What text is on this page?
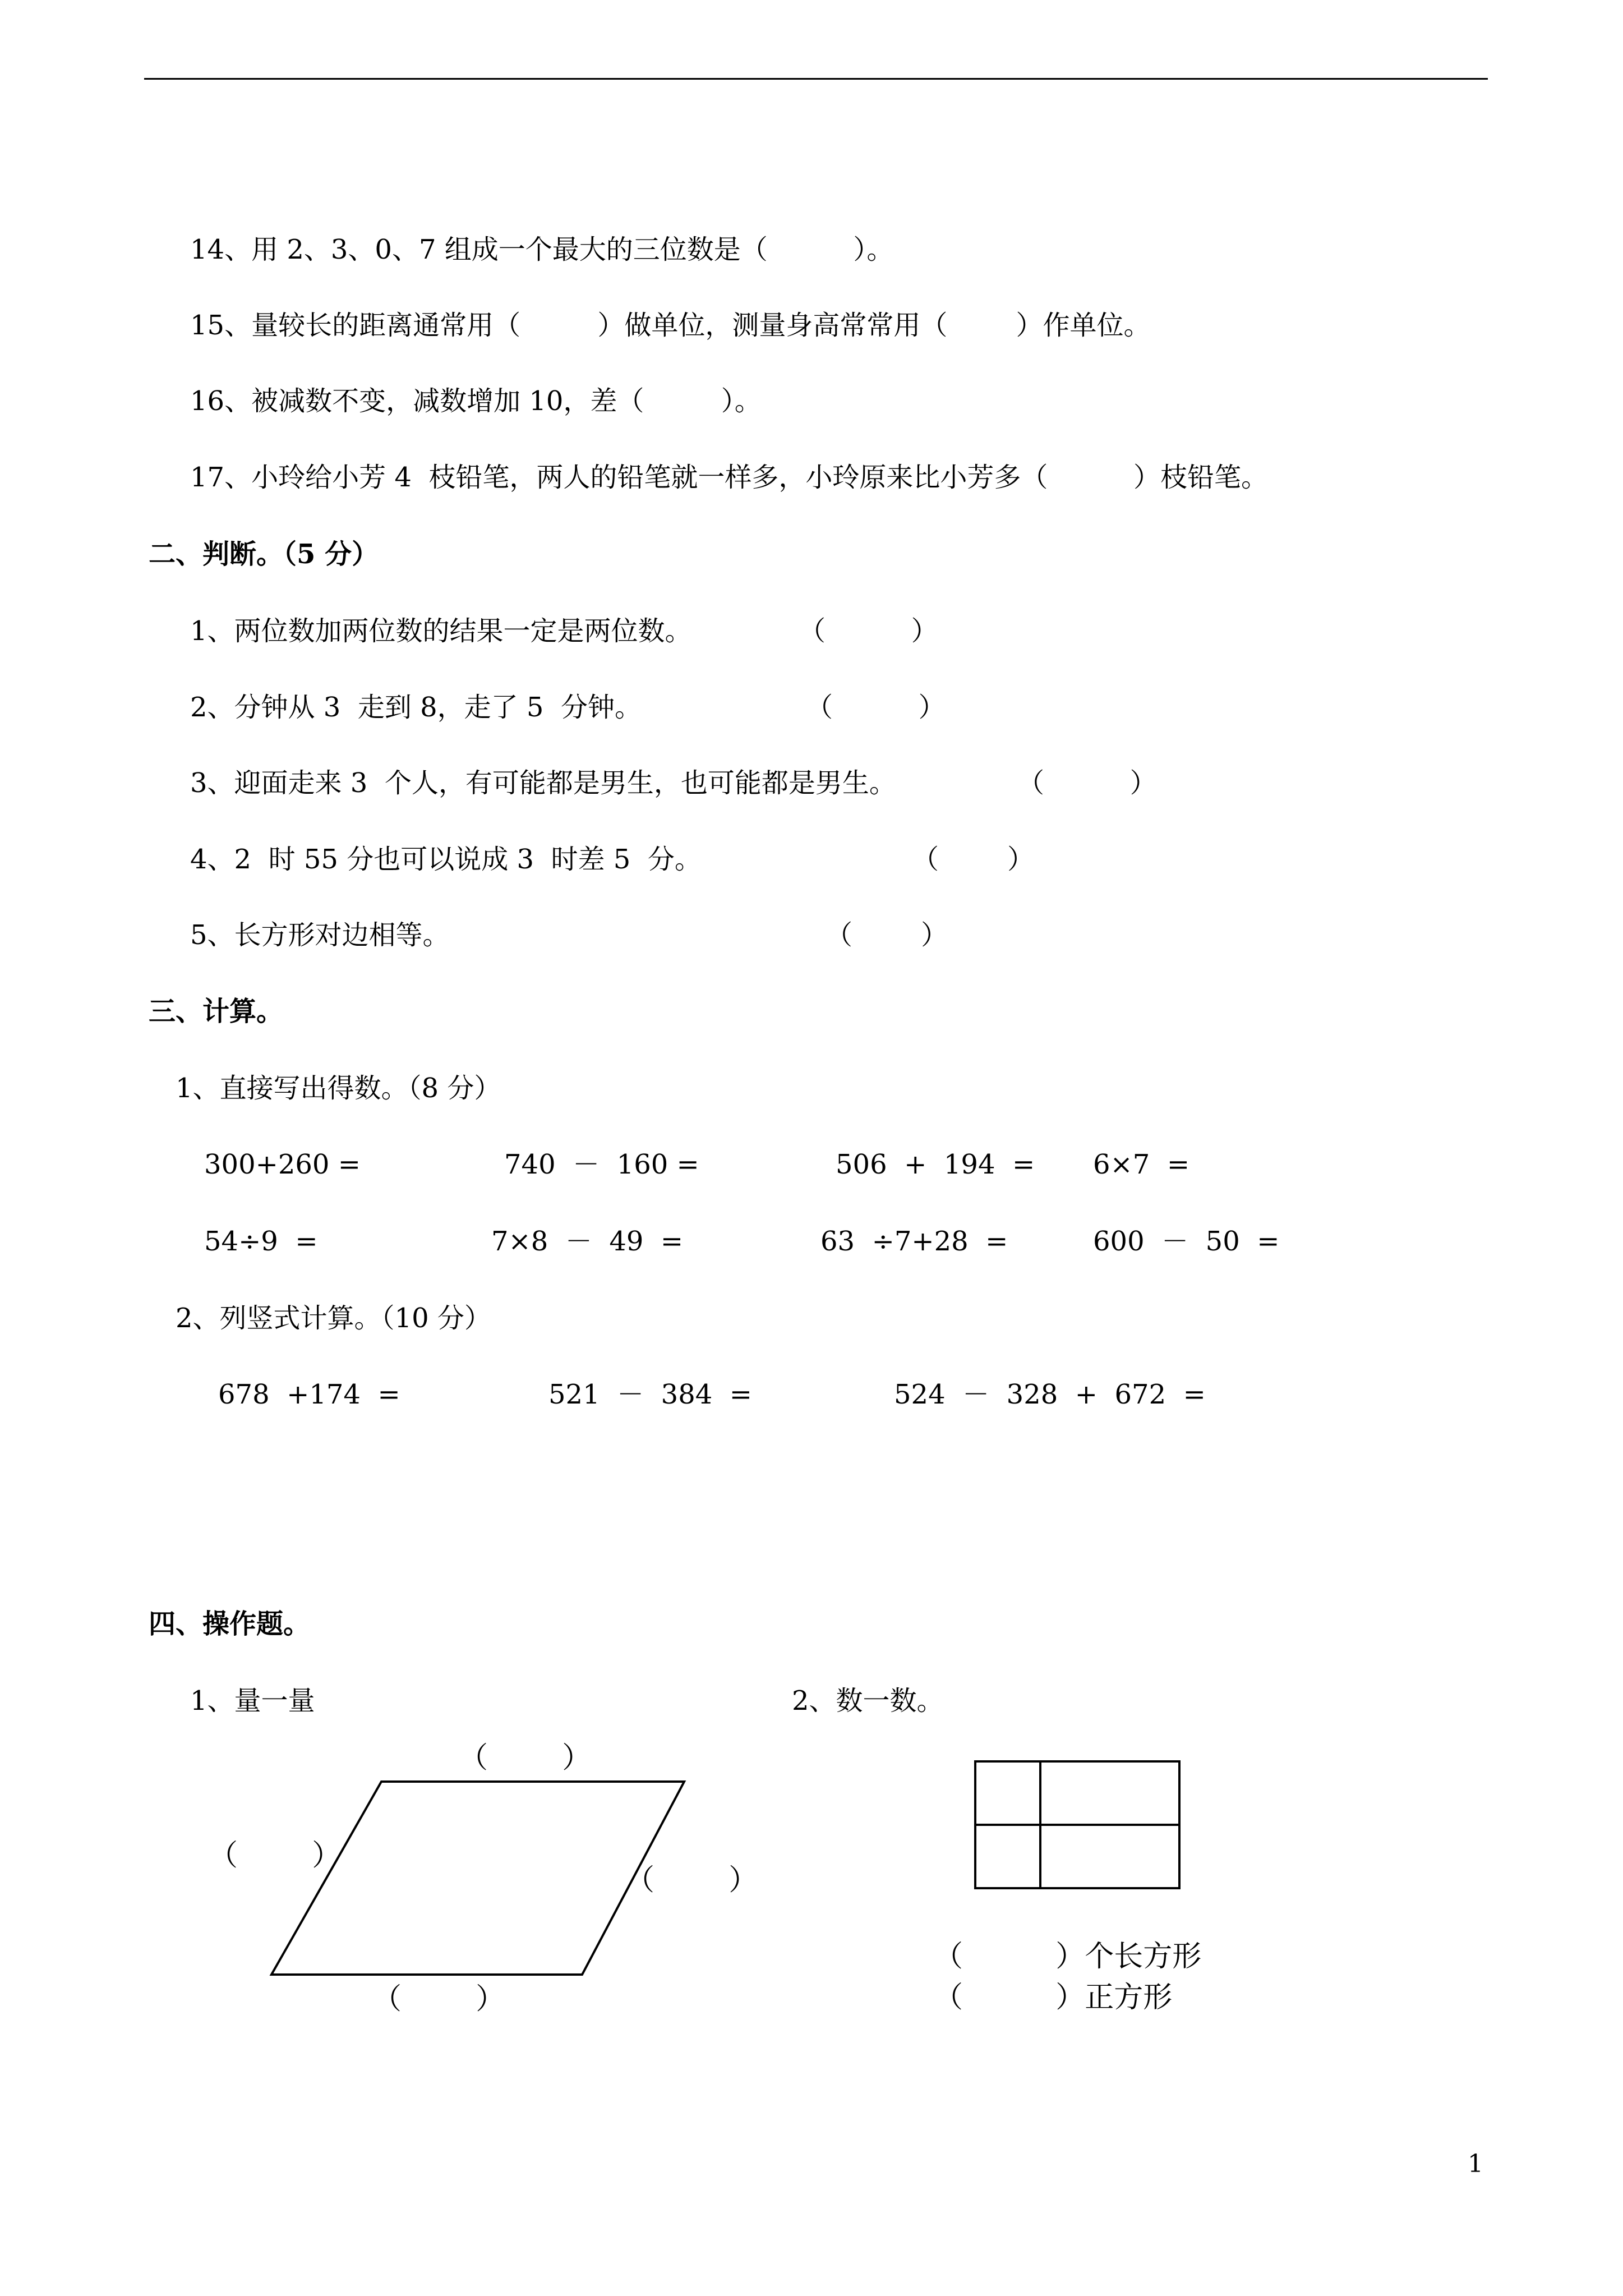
14、用 2、3、0、7 组成一个最大的三位数是（          ）。
15、量较长的距离通常用（         ）做单位，测量身高常常用（        ）作单位。
16、被减数不变，减数增加 10，差（         ）。
17、小玲给小芳 4  枝铅笔，两人的铅笔就一样多，小玲原来比小芳多（          ）枝铅笔。
二、判断。（5 分）
1、两位数加两位数的结果一定是两位数。	（          ）
2、分钟从 3  走到 8，走了 5  分钟。	（          ）
3、迎面走来 3  个人，有可能都是男生，也可能都是男生。	（          ）
4、2  时 55 分也可以说成 3  时差 5  分。	（        ）
5、长方形对边相等。	（        ）
三、计算。
1、直接写出得数。（8 分）
300+260 =	740  －  160 =	506  +  194  = 6×7  =
54÷9  =	7×8  －  49  =	63  ÷7+28  =	600  －  50  =
2、列竖式计算。（10 分）
678  +174  =	521  －  384  =	524  －  328  +  672  =
四、操作题。
1、量一量	2、数一数。
（        ）
（        ）
（        ）
（        ）
（          ）个长方形
（          ）正方形
1
